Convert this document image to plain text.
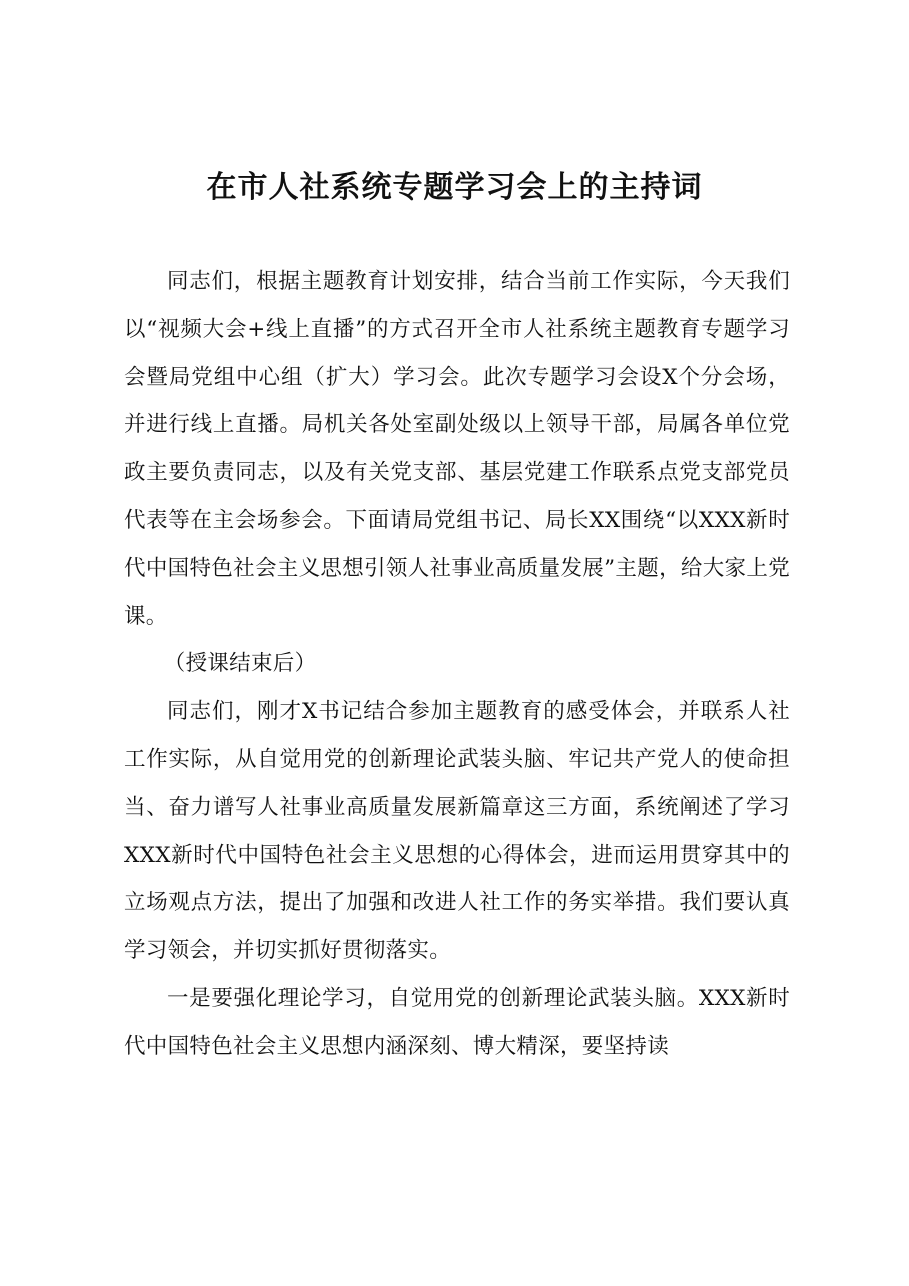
在市人社系统专题学习会上的主持词

同志们，根据主题教育计划安排，结合当前工作实际，今天我们以“视频大会+线上直播”的方式召开全市人社系统主题教育专题学习会暨局党组中心组（扩大）学习会。此次专题学习会设X个分会场，并进行线上直播。局机关各处室副处级以上领导干部，局属各单位党政主要负责同志，以及有关党支部、基层党建工作联系点党支部党员代表等在主会场参会。下面请局党组书记、局长XX围绕“以XXX新时代中国特色社会主义思想引领人社事业高质量发展”主题，给大家上党课。

（授课结束后）

同志们，刚才X书记结合参加主题教育的感受体会，并联系人社工作实际，从自觉用党的创新理论武装头脑、牢记共产党人的使命担当、奋力谱写人社事业高质量发展新篇章这三方面，系统阐述了学习XXX新时代中国特色社会主义思想的心得体会，进而运用贯穿其中的立场观点方法，提出了加强和改进人社工作的务实举措。我们要认真学习领会，并切实抓好贯彻落实。

一是要强化理论学习，自觉用党的创新理论武装头脑。XXX新时代中国特色社会主义思想内涵深刻、博大精深，要坚持读
